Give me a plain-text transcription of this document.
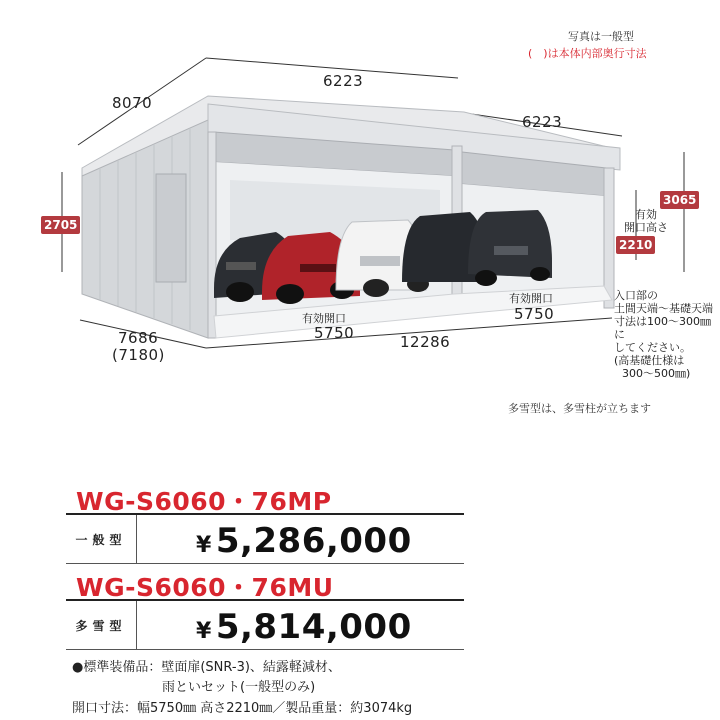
写真は一般型
(　)は本体内部奥行寸法
6223
6223
8070
2705
3065
有効
開口高さ
2210
有効開口
5750
有効開口
5750
12286
7686
(7180)
入口部の
土間天端～基礎天端
寸法は100～300㎜に
してください。
(高基礎仕様は
300～500㎜)
多雪型は、多雪柱が立ちます
WG-S6060・76MP
一般型	¥ 5,286,000
WG-S6060・76MU
多雪型	¥ 5,814,000
●標準装備品：壁面扉(SNR-3)、結露軽減材、
雨といセット(一般型のみ)
開口寸法：幅5750㎜ 高さ2210㎜／製品重量：約3074kg
